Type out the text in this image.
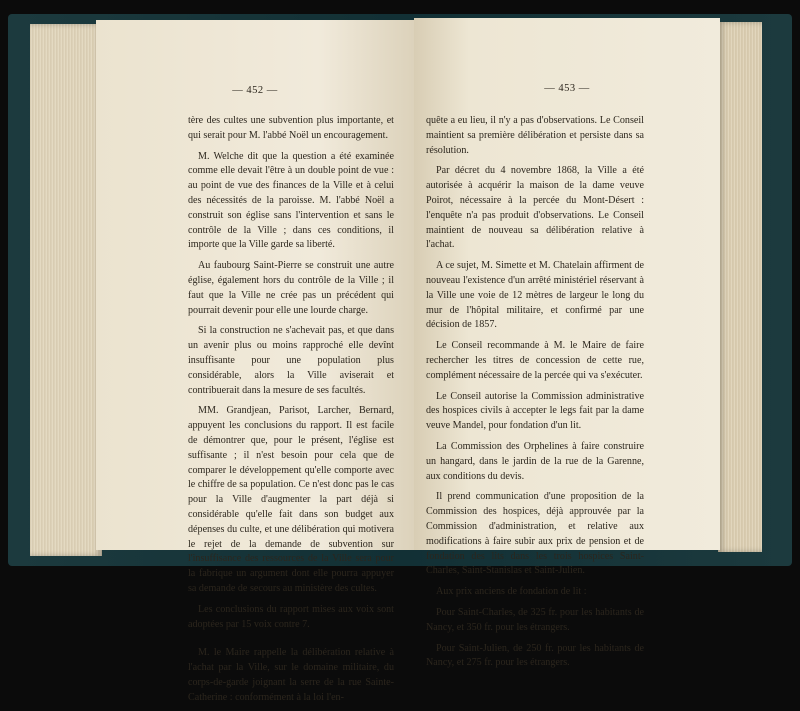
— 452 —

tère des cultes une subvention plus importante, et qui serait pour M. l'abbé Noël un encouragement.

M. Welche dit que la question a été examinée comme elle devait l'être à un double point de vue : au point de vue des finances de la Ville et à celui des nécessités de la paroisse. M. l'abbé Noël a construit son église sans l'intervention et sans le contrôle de la Ville ; dans ces conditions, il importe que la Ville garde sa liberté.

Au faubourg Saint-Pierre se construit une autre église, également hors du contrôle de la Ville ; il faut que la Ville ne crée pas un précédent qui pourrait devenir pour elle une lourde charge.

Si la construction ne s'achevait pas, et que dans un avenir plus ou moins rapproché elle devînt insuffisante pour une population plus considérable, alors la Ville aviserait et contribuerait dans la mesure de ses facultés.

MM. Grandjean, Parisot, Larcher, Bernard, appuyent les conclusions du rapport. Il est facile de démontrer que, pour le présent, l'église est suffisante ; il n'est besoin pour cela que de comparer le développement qu'elle comporte avec le chiffre de sa population. Ce n'est donc pas le cas pour la Ville d'augmenter la part déjà si considérable qu'elle fait dans son budget aux dépenses du culte, et une délibération qui motivera le rejet de la demande de subvention sur l'insuffisance des ressources de la Ville sera pour la fabrique un argument dont elle pourra appuyer sa demande de secours au ministère des cultes.

Les conclusions du rapport mises aux voix sont adoptées par 15 voix contre 7.

M. le Maire rappelle la délibération relative à l'achat par la Ville, sur le domaine militaire, du corps-de-garde joignant la serre de la rue Sainte-Catherine : conformément à la loi l'en-

— 453 —

quête a eu lieu, il n'y a pas d'observations. Le Conseil maintient sa première délibération et persiste dans sa résolution.

Par décret du 4 novembre 1868, la Ville a été autorisée à acquérir la maison de la dame veuve Poirot, nécessaire à la percée du Mont-Désert : l'enquête n'a pas produit d'observations. Le Conseil maintient de nouveau sa délibération relative à l'achat.

A ce sujet, M. Simette et M. Chatelain affirment de nouveau l'existence d'un arrêté ministériel réservant à la Ville une voie de 12 mètres de largeur le long du mur de l'hôpital militaire, et confirmé par une décision de 1857.

Le Conseil recommande à M. le Maire de faire rechercher les titres de concession de cette rue, complément nécessaire de la percée qui va s'exécuter.

Le Conseil autorise la Commission administrative des hospices civils à accepter le legs fait par la dame veuve Mandel, pour fondation d'un lit.

La Commission des Orphelines à faire construire un hangard, dans le jardin de la rue de la Garenne, aux conditions du devis.

Il prend communication d'une proposition de la Commission des hospices, déjà approuvée par la Commission d'administration, et relative aux modifications à faire subir aux prix de pension et de fondation des lits dans les trois hospices Saint-Charles, Saint-Stanislas et Saint-Julien.

Aux prix anciens de fondation de lit :

Pour Saint-Charles, de 325 fr. pour les habitants de Nancy, et 350 fr. pour les étrangers.

Pour Saint-Julien, de 250 fr. pour les habitants de Nancy, et 275 fr. pour les étrangers.
